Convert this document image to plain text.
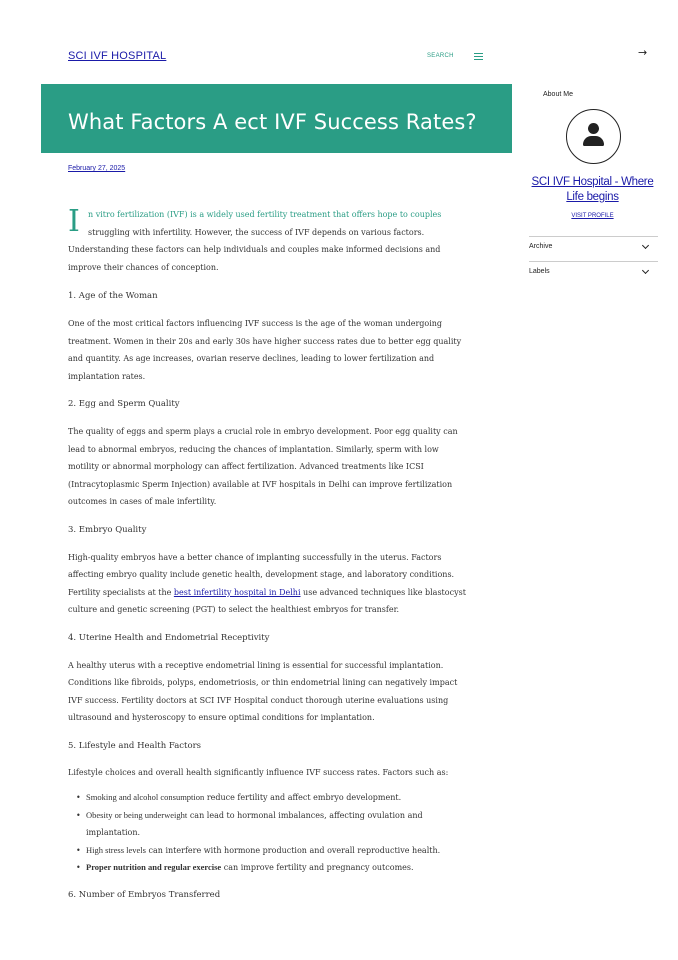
SCI IVF HOSPITAL	SEARCH	→
What Factors A ect IVF Success Rates?
February 27, 2025
I	n vitro fertilization (IVF) is a widely used fertility treatment that offers hope to couples
struggling with infertility. However, the success of IVF depends on various factors.
Understanding these factors can help individuals and couples make informed decisions and
improve their chances of conception.
1. Age of the Woman

One of the most critical factors influencing IVF success is the age of the woman undergoing
treatment. Women in their 20s and early 30s have higher success rates due to better egg quality
and quantity. As age increases, ovarian reserve declines, leading to lower fertilization and
implantation rates.

2. Egg and Sperm Quality

The quality of eggs and sperm plays a crucial role in embryo development. Poor egg quality can
lead to abnormal embryos, reducing the chances of implantation. Similarly, sperm with low
motility or abnormal morphology can affect fertilization. Advanced treatments like ICSI
(Intracytoplasmic Sperm Injection) available at IVF hospitals in Delhi can improve fertilization
outcomes in cases of male infertility.

3. Embryo Quality

High-quality embryos have a better chance of implanting successfully in the uterus. Factors
affecting embryo quality include genetic health, development stage, and laboratory conditions.
Fertility specialists at the best infertility hospital in Delhi use advanced techniques like blastocyst
culture and genetic screening (PGT) to select the healthiest embryos for transfer.

4. Uterine Health and Endometrial Receptivity

A healthy uterus with a receptive endometrial lining is essential for successful implantation.
Conditions like fibroids, polyps, endometriosis, or thin endometrial lining can negatively impact
IVF success. Fertility doctors at SCI IVF Hospital conduct thorough uterine evaluations using
ultrasound and hysteroscopy to ensure optimal conditions for implantation.

5. Lifestyle and Health Factors

Lifestyle choices and overall health significantly influence IVF success rates. Factors such as:

• Smoking and alcohol consumption reduce fertility and affect embryo development.
• Obesity or being underweight can lead to hormonal imbalances, affecting ovulation and
implantation.
• High stress levels can interfere with hormone production and overall reproductive health.
• Proper nutrition and regular exercise can improve fertility and pregnancy outcomes.
6. Number of Embryos Transferred
About Me
SCI IVF Hospital - Where Life begins
VISIT PROFILE
Archive
Labels
